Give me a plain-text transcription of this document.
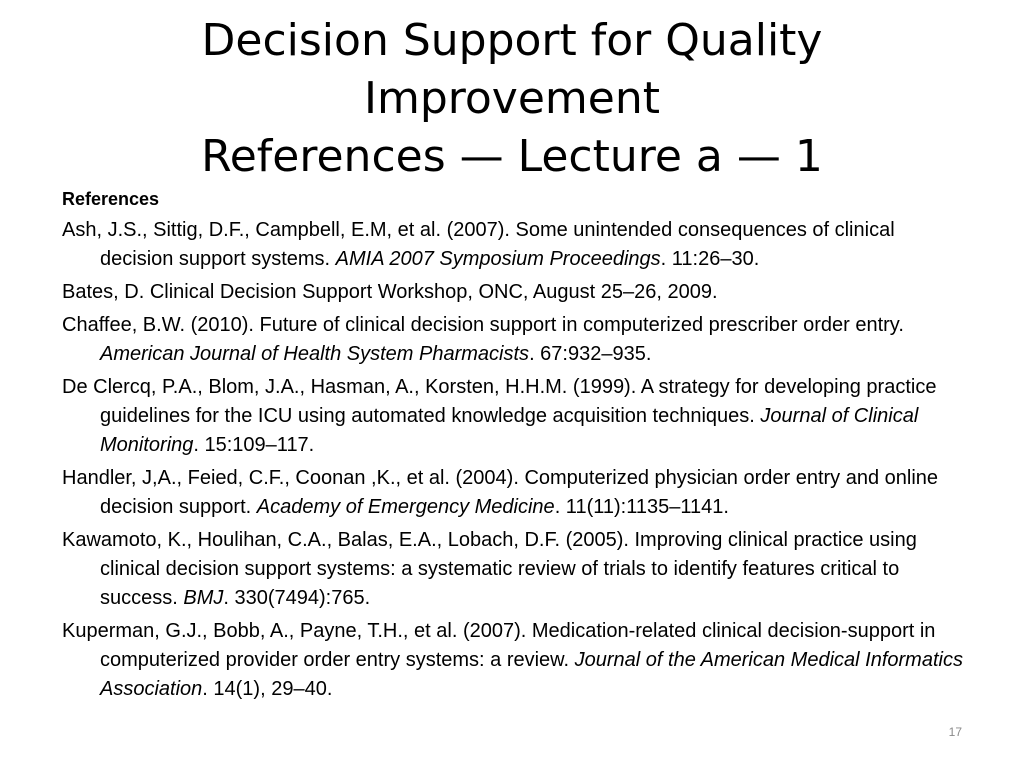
Decision Support for Quality
Improvement
References — Lecture a — 1

References

Ash, J.S., Sittig, D.F., Campbell, E.M, et al. (2007). Some unintended consequences of clinical decision support systems. AMIA 2007 Symposium Proceedings. 11:26–30.

Bates, D. Clinical Decision Support Workshop, ONC, August 25–26, 2009.

Chaffee, B.W. (2010). Future of clinical decision support in computerized prescriber order entry. American Journal of Health System Pharmacists. 67:932–935.

De Clercq, P.A., Blom, J.A., Hasman, A., Korsten, H.H.M. (1999). A strategy for developing practice guidelines for the ICU using automated knowledge acquisition techniques. Journal of Clinical Monitoring. 15:109–117.

Handler, J,A., Feied, C.F., Coonan ,K., et al. (2004). Computerized physician order entry and online decision support. Academy of Emergency Medicine. 11(11):1135–1141.

Kawamoto, K., Houlihan, C.A., Balas, E.A., Lobach, D.F. (2005). Improving clinical practice using clinical decision support systems: a systematic review of trials to identify features critical to success. BMJ. 330(7494):765.

Kuperman, G.J., Bobb, A., Payne, T.H., et al. (2007). Medication-related clinical decision-support in computerized provider order entry systems: a review. Journal of the American Medical Informatics Association. 14(1), 29–40.

17
